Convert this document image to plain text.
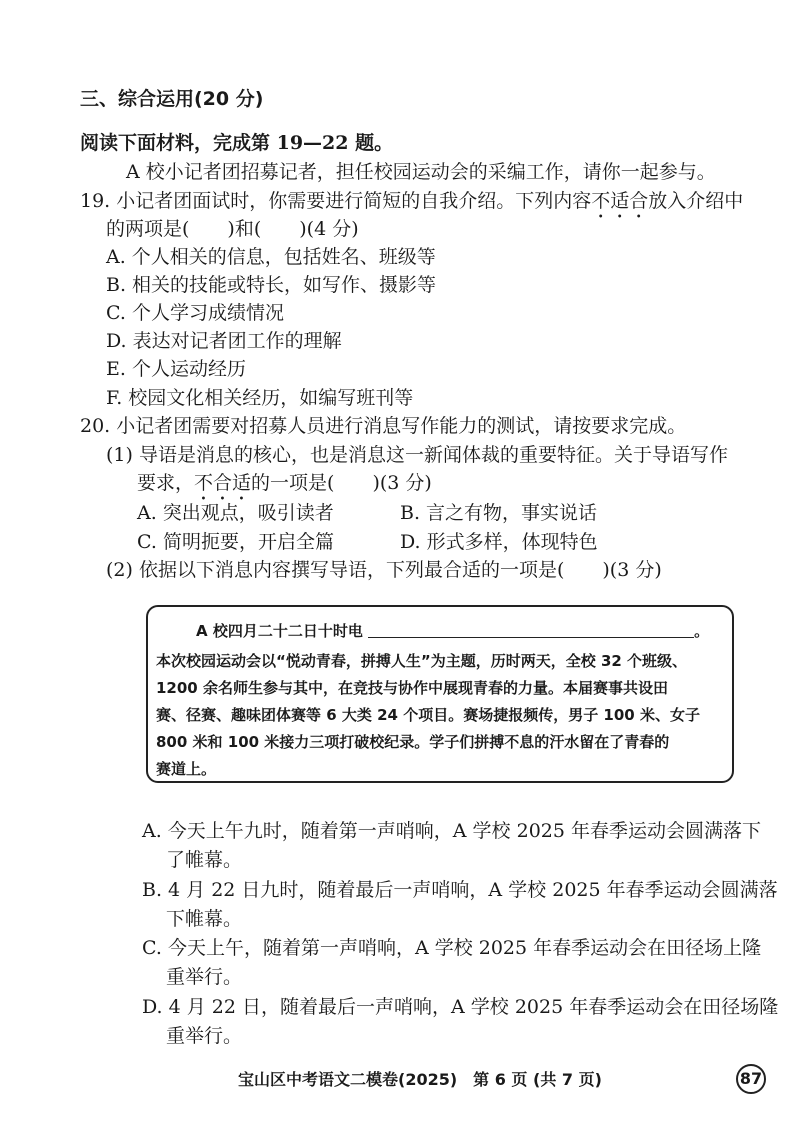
三、综合运用(20 分)
阅读下面材料，完成第 19—22 题。
A 校小记者团招募记者，担任校园运动会的采编工作，请你一起参与。
19. 小记者团面试时，你需要进行简短的自我介绍。下列内容不适合放入介绍中
的两项是(　　)和(　　)(4 分)
A. 个人相关的信息，包括姓名、班级等
B. 相关的技能或特长，如写作、摄影等
C. 个人学习成绩情况
D. 表达对记者团工作的理解
E. 个人运动经历
F. 校园文化相关经历，如编写班刊等
20. 小记者团需要对招募人员进行消息写作能力的测试，请按要求完成。
(1) 导语是消息的核心，也是消息这一新闻体裁的重要特征。关于导语写作
要求，不合适的一项是(　　)(3 分)
A. 突出观点，吸引读者	B. 言之有物，事实说话
C. 简明扼要，开启全篇	D. 形式多样，体现特色
(2) 依据以下消息内容撰写导语，下列最合适的一项是(　　)(3 分)
A 校四月二十二日十时电	。
本次校园运动会以“悦动青春，拼搏人生”为主题，历时两天，全校 32 个班级、
1200 余名师生参与其中，在竞技与协作中展现青春的力量。本届赛事共设田
赛、径赛、趣味团体赛等 6 大类 24 个项目。赛场捷报频传，男子 100 米、女子
800 米和 100 米接力三项打破校纪录。学子们拼搏不息的汗水留在了青春的
赛道上。
A. 今天上午九时，随着第一声哨响，A 学校 2025 年春季运动会圆满落下
了帷幕。
B. 4 月 22 日九时，随着最后一声哨响，A 学校 2025 年春季运动会圆满落
下帷幕。
C. 今天上午，随着第一声哨响，A 学校 2025 年春季运动会在田径场上隆
重举行。
D. 4 月 22 日，随着最后一声哨响，A 学校 2025 年春季运动会在田径场隆
重举行。
宝山区中考语文二模卷(2025)　第 6 页 (共 7 页)	87
